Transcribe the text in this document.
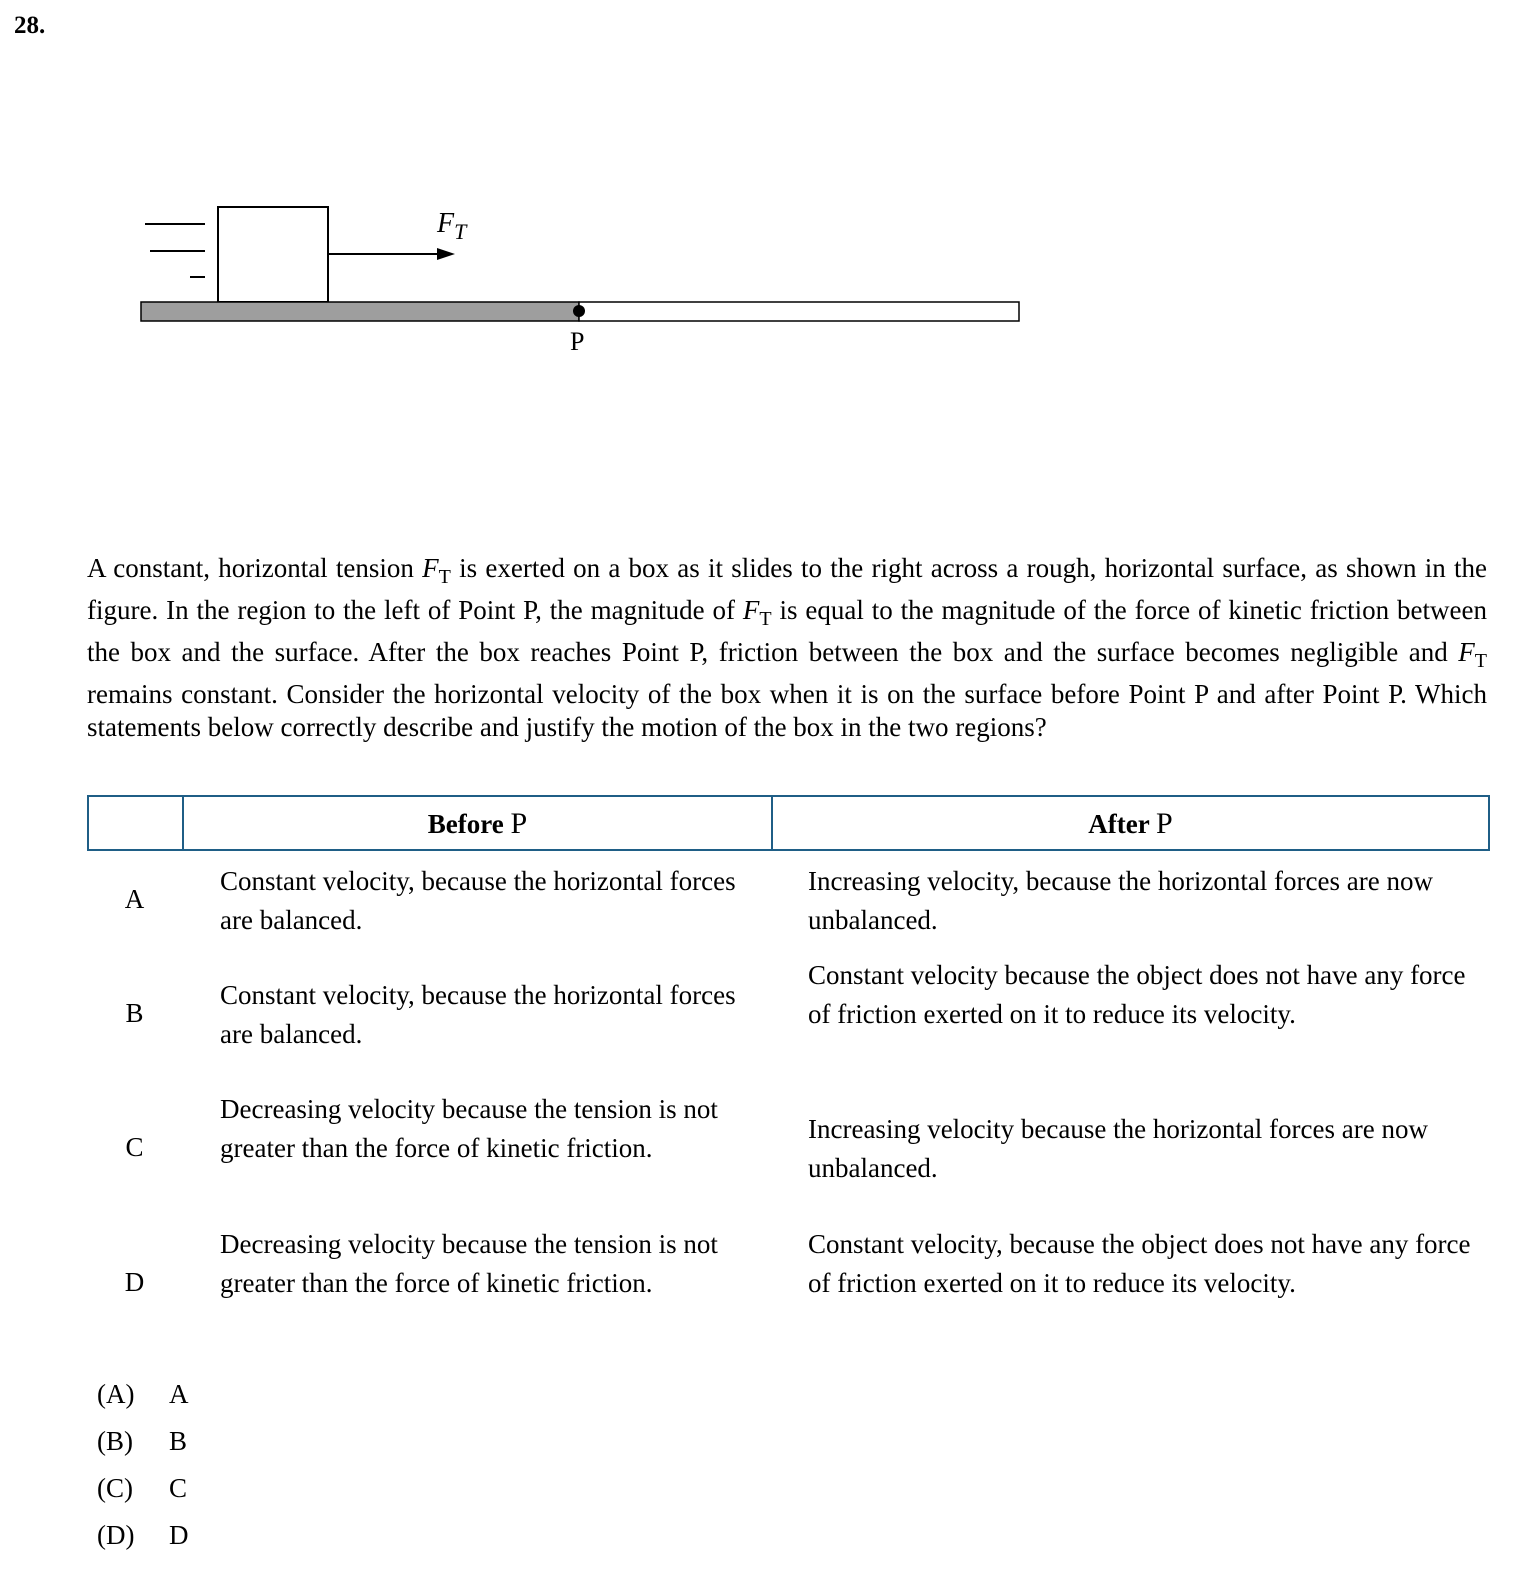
28.
$F_T$
P
A constant, horizontal tension $F_T$ is exerted on a box as it slides to the right across a rough, horizontal surface, as shown in the figure. In the region to the left of Point P, the magnitude of $F_T$ is equal to the magnitude of the force of kinetic friction between the box and the surface. After the box reaches Point P, friction between the box and the surface becomes negligible and $F_T$ remains constant. Consider the horizontal velocity of the box when it is on the surface before Point P and after Point P. Which statements below correctly describe and justify the motion of the box in the two regions?
Before P	After P
A
Constant velocity, because the horizontal forces are balanced.
Increasing velocity, because the horizontal forces are now unbalanced.
B
Constant velocity, because the horizontal forces are balanced.
Constant velocity because the object does not have any force of friction exerted on it to reduce its velocity.
C
Decreasing velocity because the tension is not greater than the force of kinetic friction.
Increasing velocity because the horizontal forces are now unbalanced.
D
Decreasing velocity because the tension is not greater than the force of kinetic friction.
Constant velocity, because the object does not have any force of friction exerted on it to reduce its velocity.
(A) A
(B) B
(C) C
(D) D
